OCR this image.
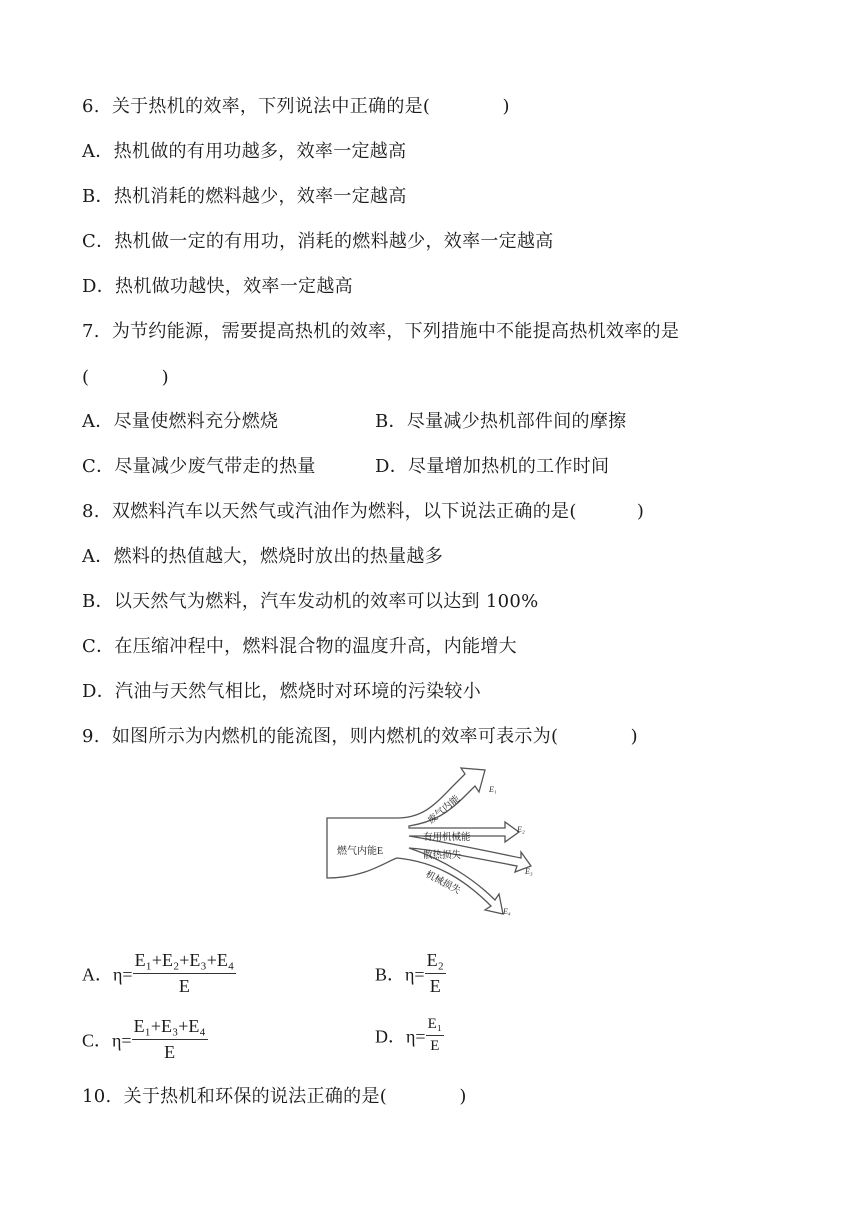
6.  关于热机的效率，下列说法中正确的是(            )
A．热机做的有用功越多，效率一定越高
B．热机消耗的燃料越少，效率一定越高
C．热机做一定的有用功，消耗的燃料越少，效率一定越高
D．热机做功越快，效率一定越高
7.  为节约能源，需要提高热机的效率，下列措施中不能提高热机效率的是
(            )
A．尽量使燃料充分燃烧	B．尽量减少热机部件间的摩擦
C．尽量减少废气带走的热量	D．尽量增加热机的工作时间
8.  双燃料汽车以天然气或汽油作为燃料，以下说法正确的是(          )
A．燃料的热值越大，燃烧时放出的热量越多
B．以天然气为燃料，汽车发动机的效率可以达到 100%
C．在压缩冲程中，燃料混合物的温度升高，内能增大
D．汽油与天然气相比，燃烧时对环境的污染较小
9.  如图所示为内燃机的能流图，则内燃机的效率可表示为(            )
燃气内能E
废气内能
有用机械能
散热损失
机械损失
E₁
E₂
E₃
E₄
A．$\eta= \frac{\text{E₁+E₂+E₃+E₄}}{E}$	B．$\eta= \frac{\text{E₂}}{E}$
C．$\eta= \frac{\text{E₁+E₃+E₄}}{E}$	D．$\eta= \frac{\text{E₁}}{E}$
10.  关于热机和环保的说法正确的是(            )
